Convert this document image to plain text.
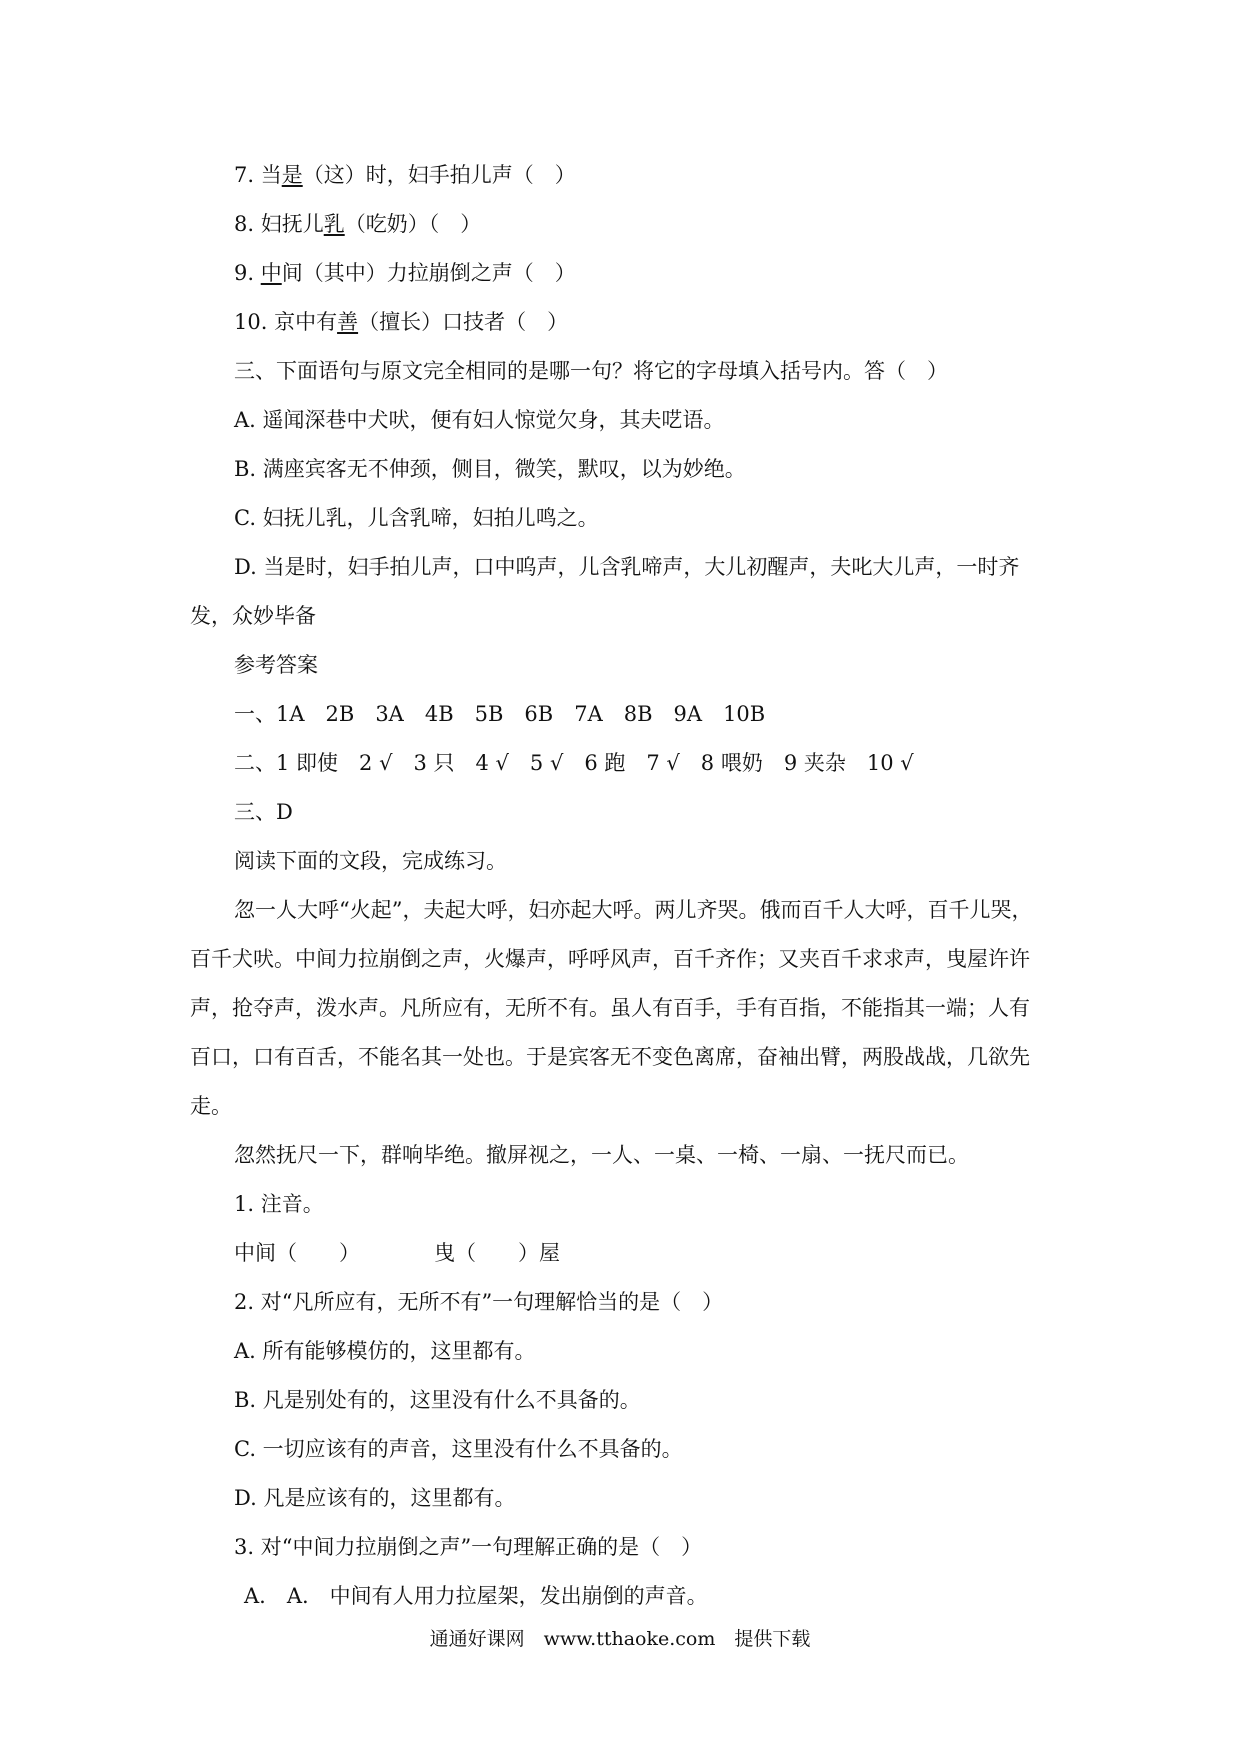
7. 当是（这）时，妇手拍儿声（　）
8. 妇抚儿乳（吃奶）（　）
9. 中间（其中）力拉崩倒之声（　）
10. 京中有善（擅长）口技者（　）
三、下面语句与原文完全相同的是哪一句？将它的字母填入括号内。答（　）
A. 遥闻深巷中犬吠，便有妇人惊觉欠身，其夫呓语。
B. 满座宾客无不伸颈，侧目，微笑，默叹，以为妙绝。
C. 妇抚儿乳，儿含乳啼，妇拍儿鸣之。
D. 当是时，妇手拍儿声，口中呜声，儿含乳啼声，大儿初醒声，夫叱大儿声，一时齐
发，众妙毕备
参考答案
一、1A　2B　3A　4B　5B　6B　7A　8B　9A　10B
二、1 即使　2 √　3 只　4 √　5 √　6 跑　7 √　8 喂奶　9 夹杂　10 √
三、D
阅读下面的文段，完成练习。
忽一人大呼“火起”，夫起大呼，妇亦起大呼。两儿齐哭。俄而百千人大呼，百千儿哭，
百千犬吠。中间力拉崩倒之声，火爆声，呼呼风声，百千齐作；又夹百千求求声，曳屋许许
声，抢夺声，泼水声。凡所应有，无所不有。虽人有百手，手有百指，不能指其一端；人有
百口，口有百舌，不能名其一处也。于是宾客无不变色离席，奋袖出臂，两股战战，几欲先
走。
忽然抚尺一下，群响毕绝。撤屏视之，一人、一桌、一椅、一扇、一抚尺而已。
1. 注音。
中间（　　）	曳（　　）屋
2. 对“凡所应有，无所不有”一句理解恰当的是（　）
A. 所有能够模仿的，这里都有。
B. 凡是别处有的，这里没有什么不具备的。
C. 一切应该有的声音，这里没有什么不具备的。
D. 凡是应该有的，这里都有。
3. 对“中间力拉崩倒之声”一句理解正确的是（　）
A.　A.　中间有人用力拉屋架，发出崩倒的声音。
通通好课网　www.tthaoke.com　提供下载
